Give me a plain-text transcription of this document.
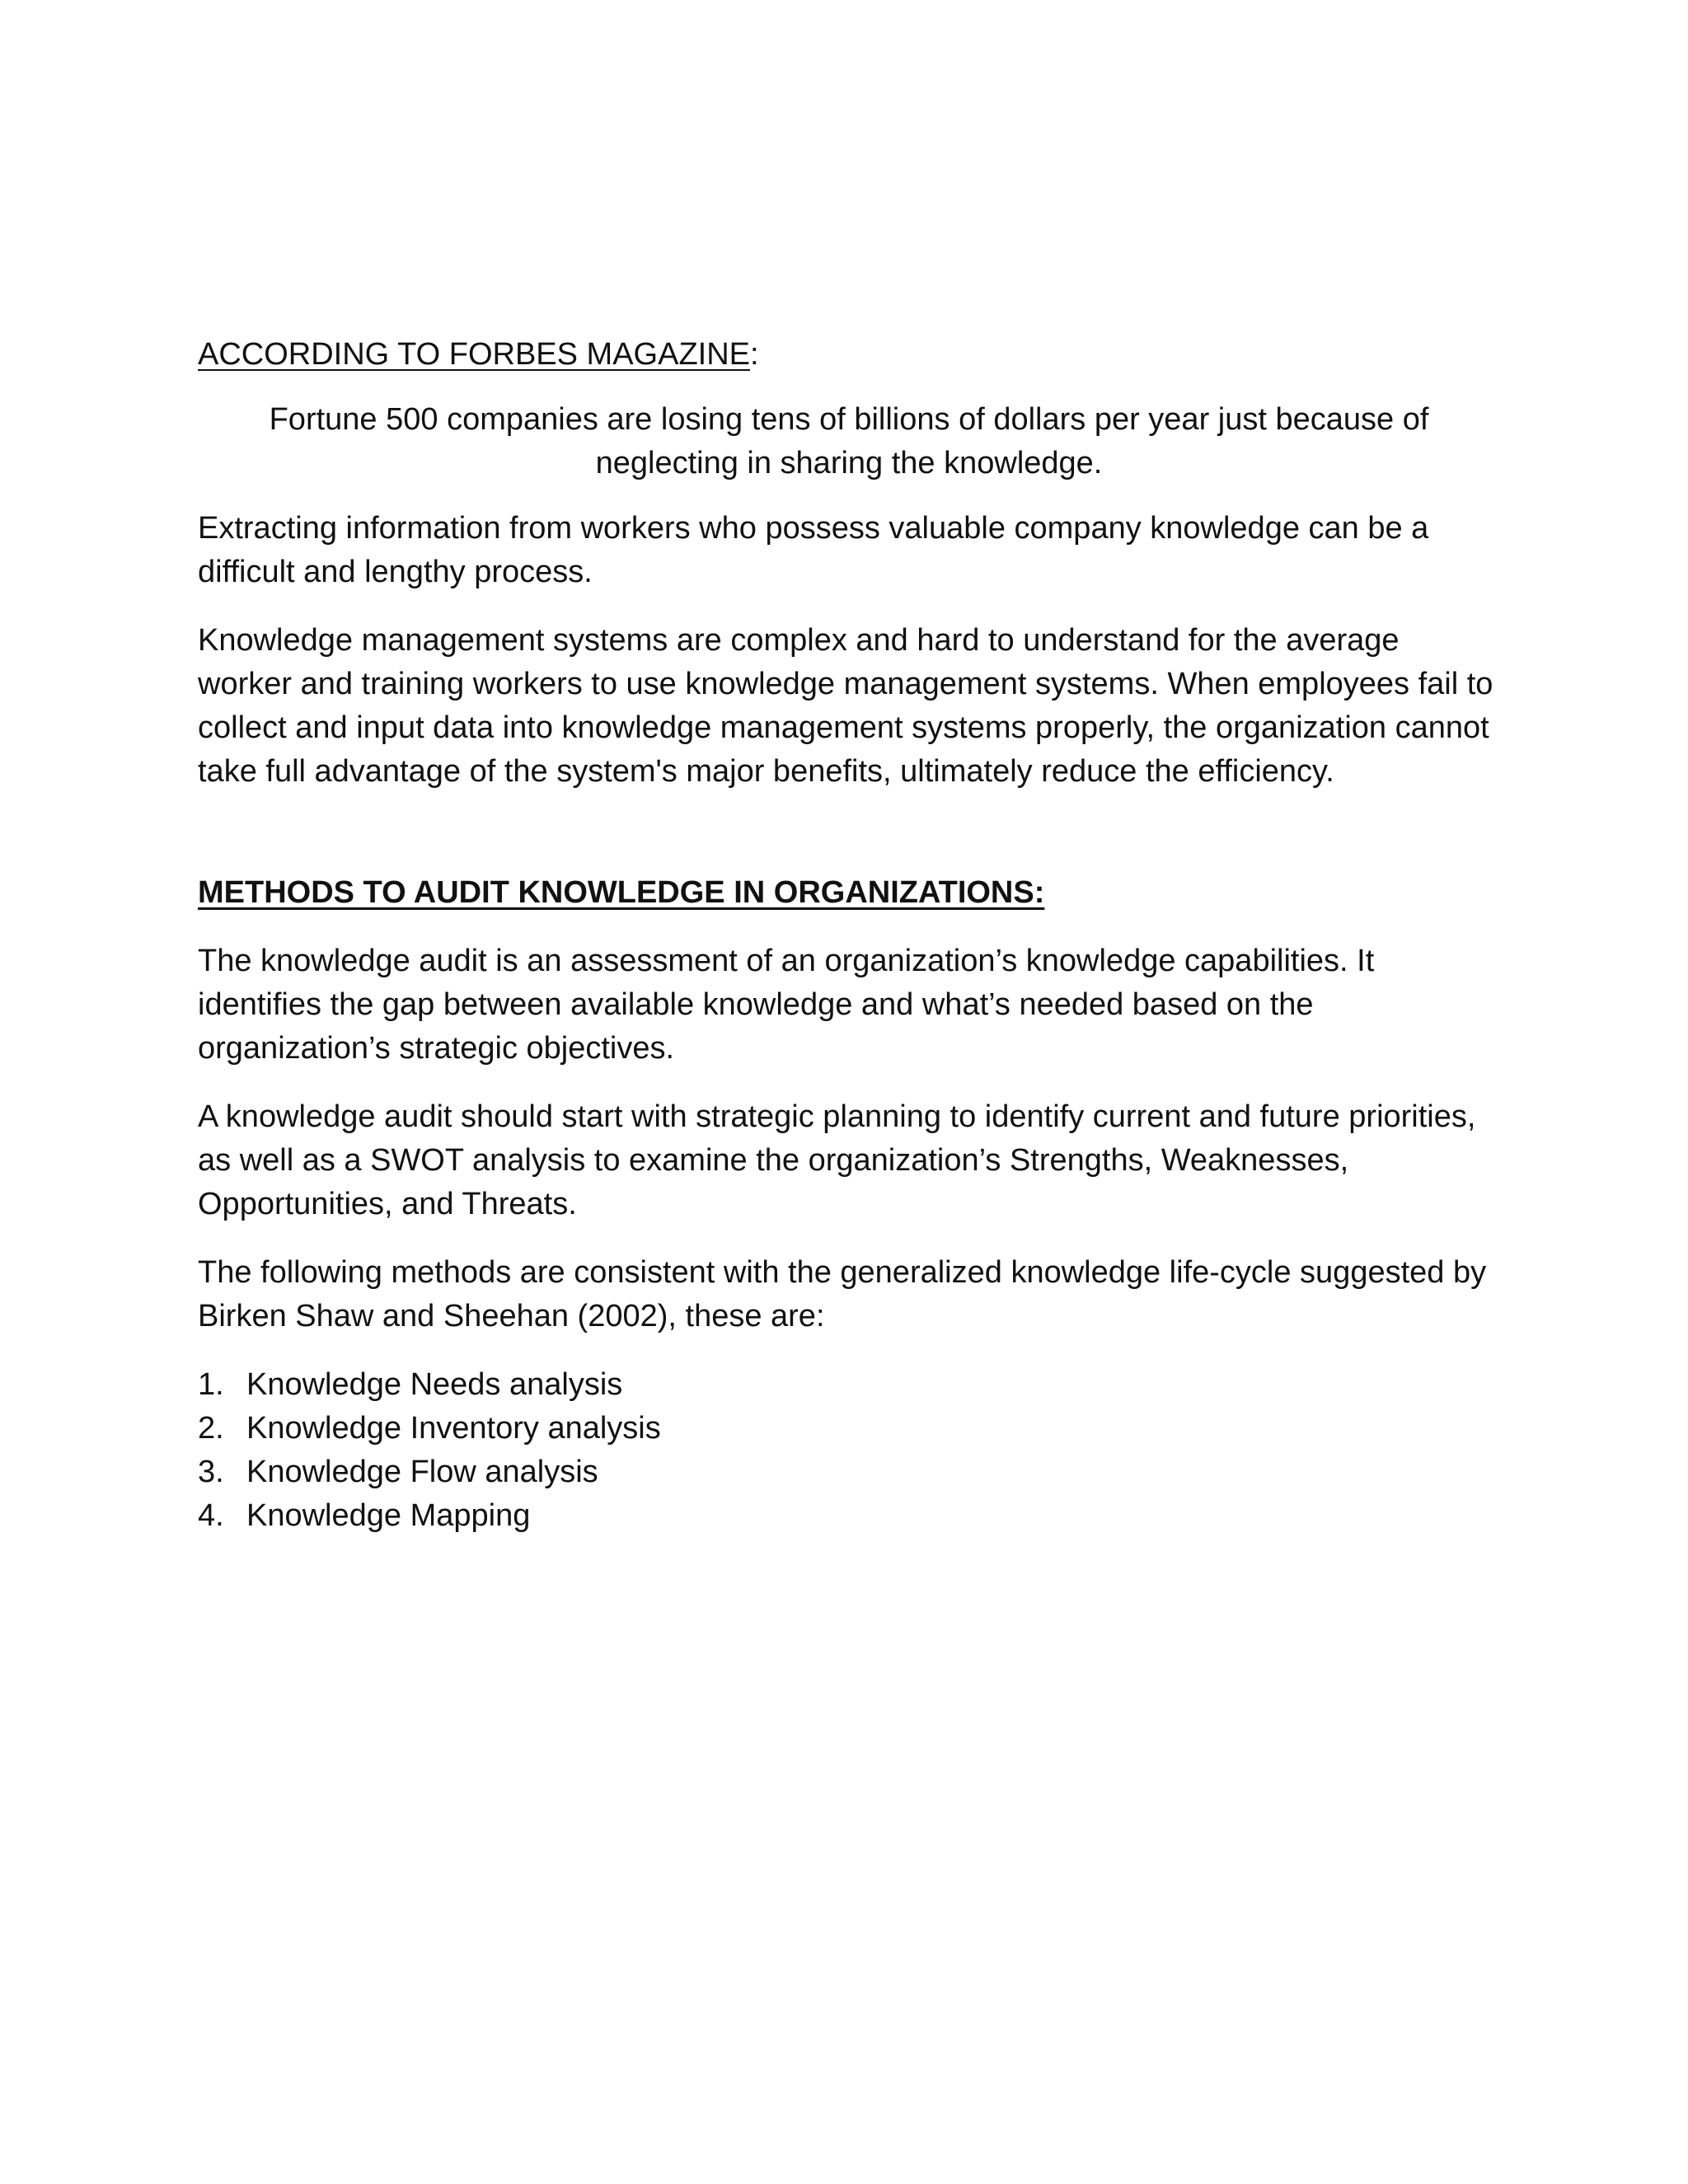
ACCORDING TO FORBES MAGAZINE:
Fortune 500 companies are losing tens of billions of dollars per year just because of neglecting in sharing the knowledge.

Extracting information from workers who possess valuable company knowledge can be a difficult and lengthy process.

Knowledge management systems are complex and hard to understand for the average worker and training workers to use knowledge management systems. When employees fail to collect and input data into knowledge management systems properly, the organization cannot take full advantage of the system's major benefits, ultimately reduce the efficiency.

METHODS TO AUDIT KNOWLEDGE IN ORGANIZATIONS:

The knowledge audit is an assessment of an organization’s knowledge capabilities. It identifies the gap between available knowledge and what’s needed based on the organization’s strategic objectives.

A knowledge audit should start with strategic planning to identify current and future priorities, as well as a SWOT analysis to examine the organization’s Strengths, Weaknesses, Opportunities, and Threats.

The following methods are consistent with the generalized knowledge life-cycle suggested by Birken Shaw and Sheehan (2002), these are:

1. Knowledge Needs analysis
2. Knowledge Inventory analysis
3. Knowledge Flow analysis
4. Knowledge Mapping
